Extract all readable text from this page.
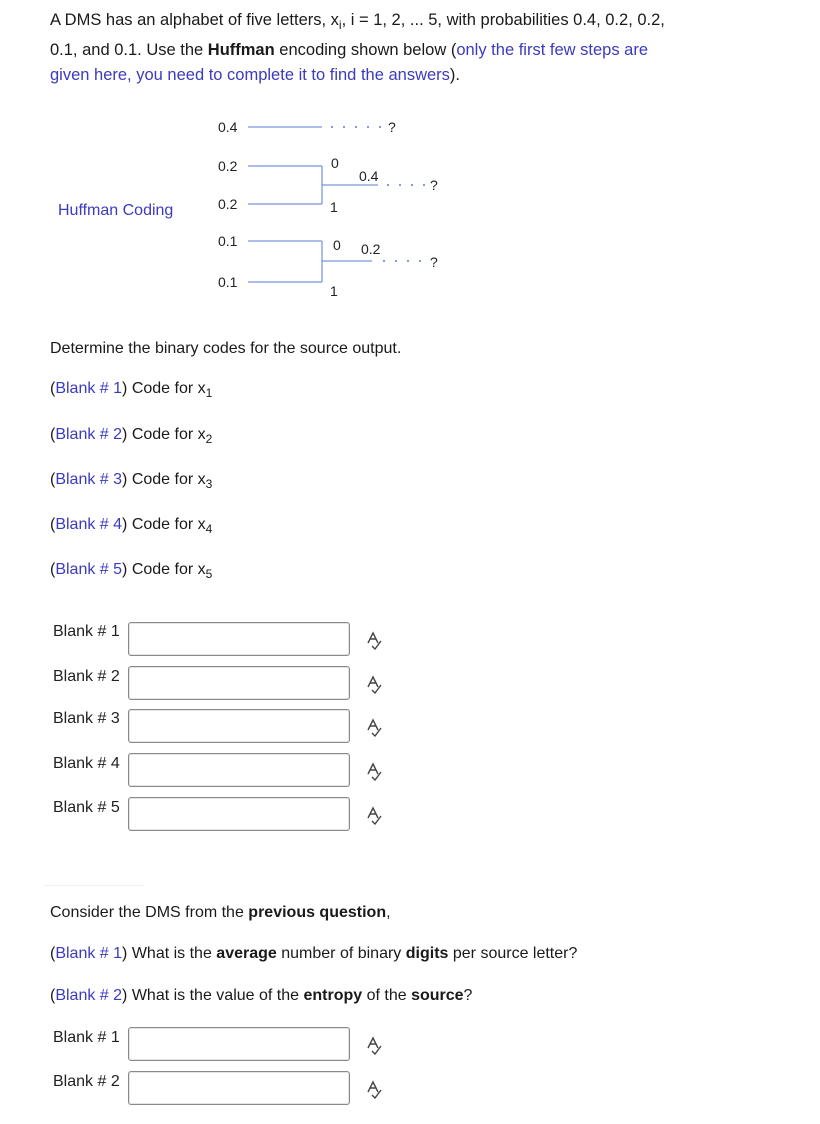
A DMS has an alphabet of five letters, $x_i$, i = 1, 2, ... 5, with probabilities 0.4, 0.2, 0.2,
0.1, and 0.1. Use the Huffman encoding shown below (only the first few steps are
given here, you need to complete it to find the answers).
Huffman Coding
0.4
0.2
0.2
0.1
0.1
?
0
1
0.4
?
0
1
0.2
?
Determine the binary codes for the source output.
(Blank # 1) Code for $x_1$
(Blank # 2) Code for $x_2$
(Blank # 3) Code for $x_3$
(Blank # 4) Code for $x_4$
(Blank # 5) Code for $x_5$
Blank # 1
Blank # 2
Blank # 3
Blank # 4
Blank # 5
Consider the DMS from the previous question,
(Blank # 1) What is the average number of binary digits per source letter?
(Blank # 2) What is the value of the entropy of the source?
Blank # 1
Blank # 2
